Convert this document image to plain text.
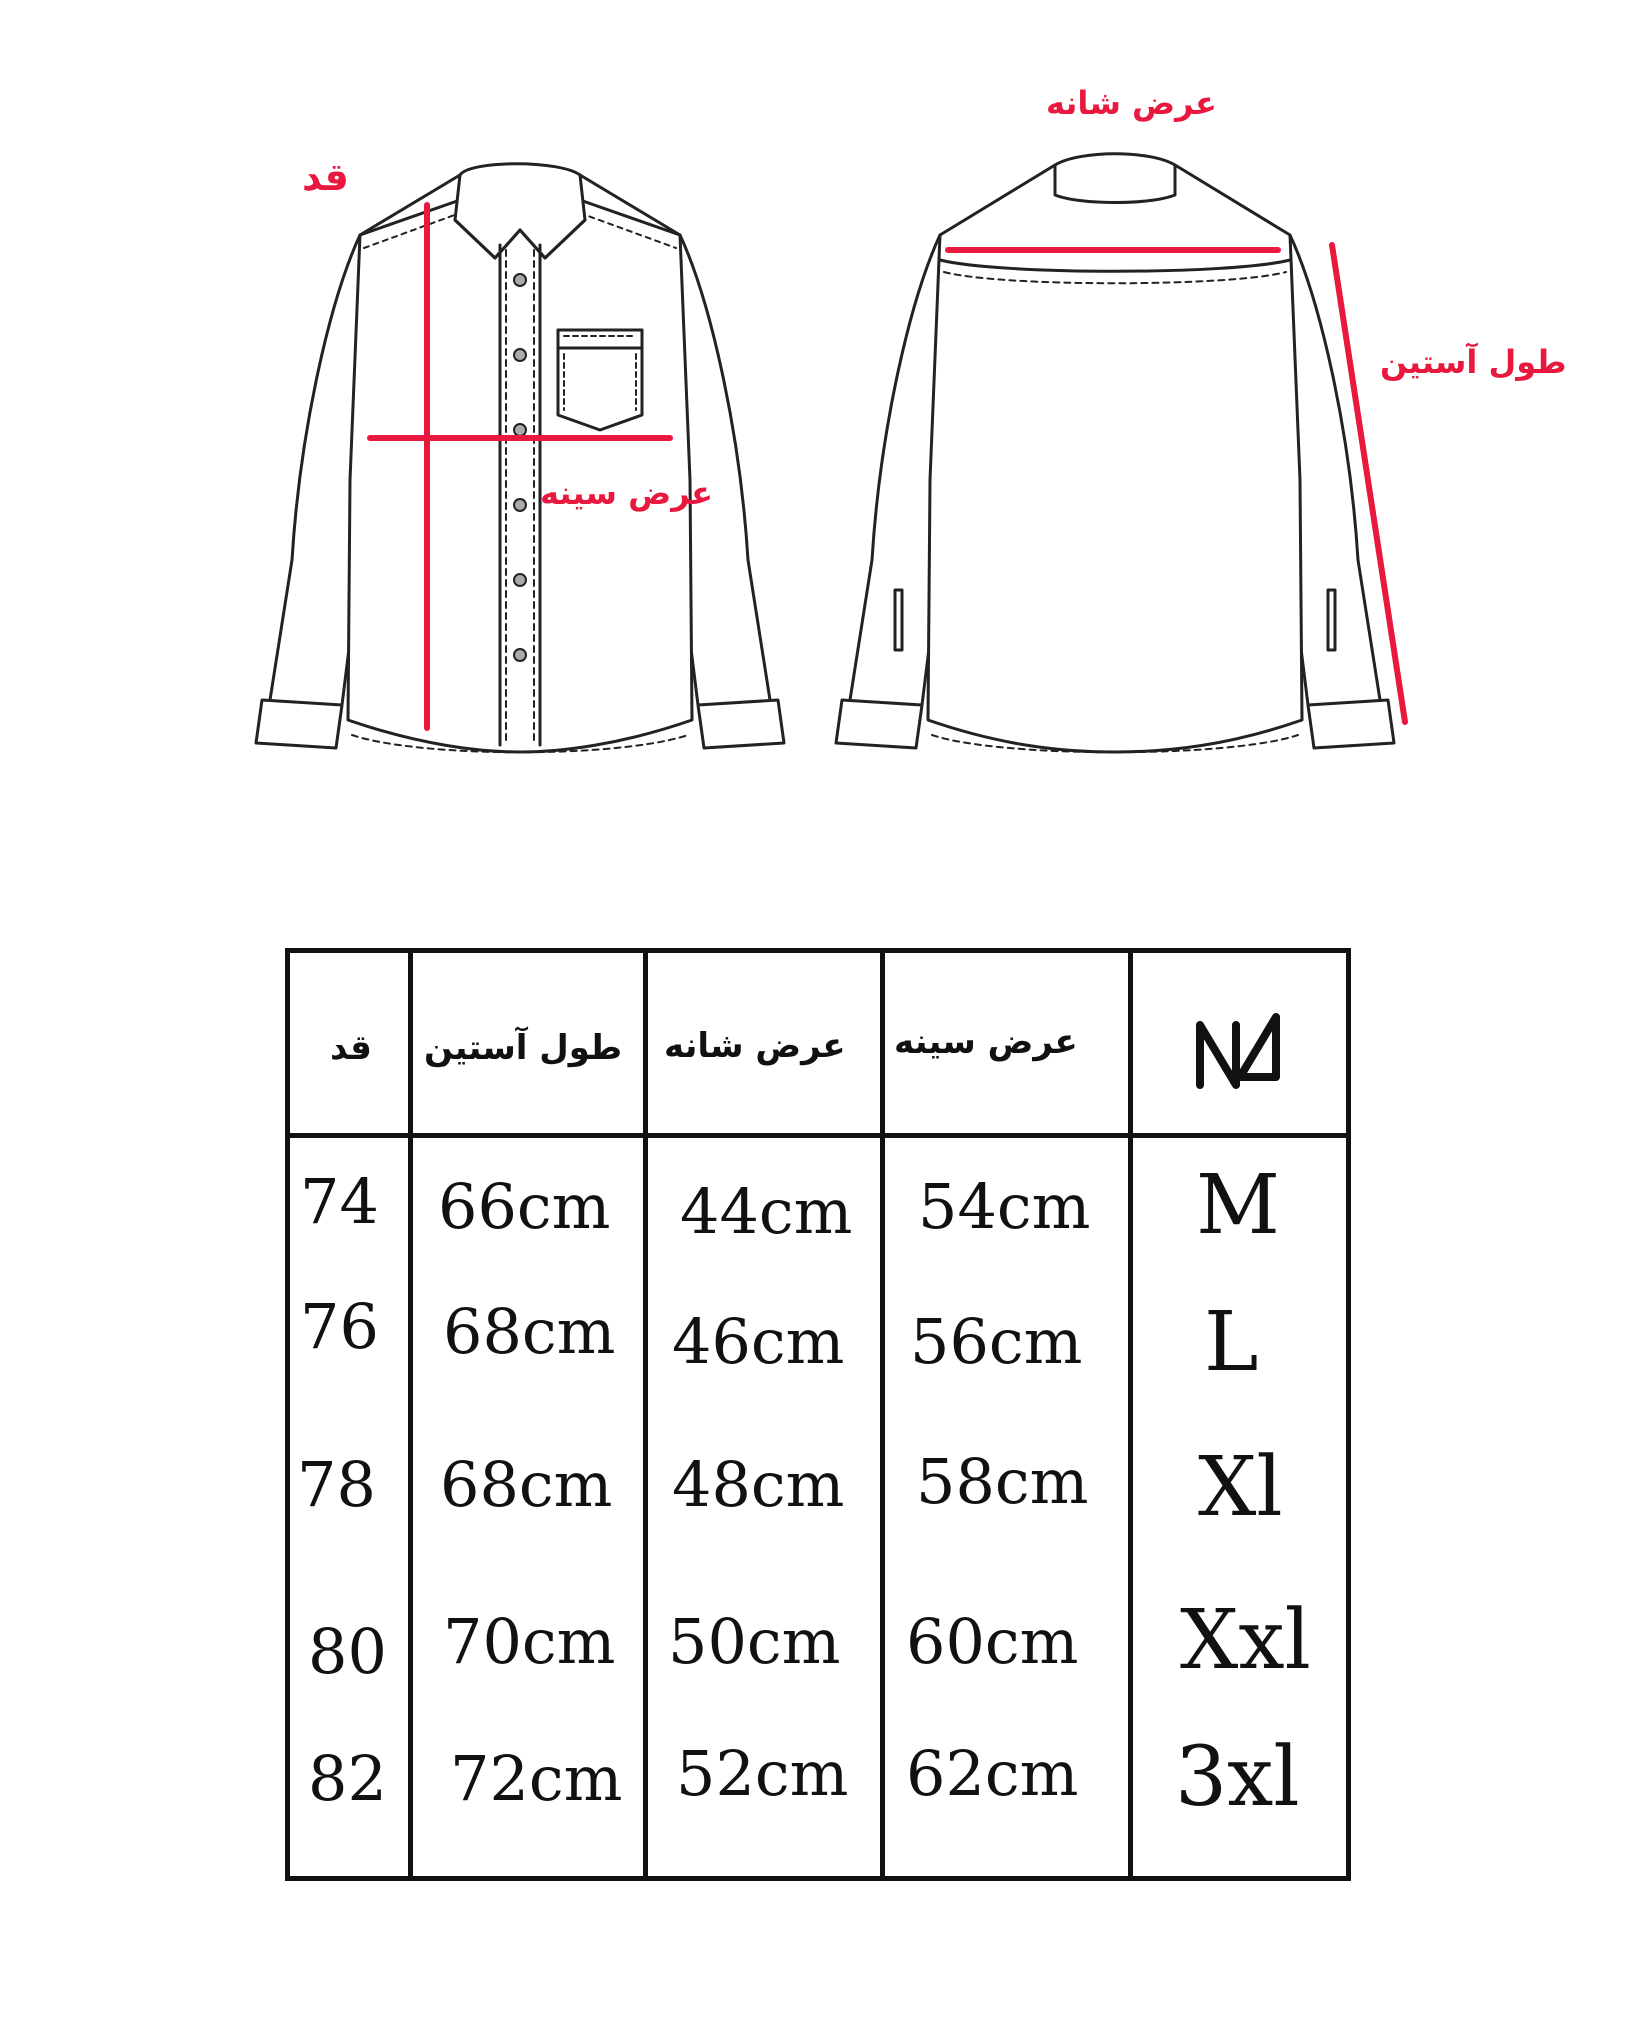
قد
عرض سینه
عرض شانه
طول آستین
قد طول آستین عرض شانه عرض سینه
74 66cm 44cm 54cm M
76 68cm 46cm 56cm L
78 68cm 48cm 58cm Xl
80 70cm 50cm 60cm Xxl
82 72cm 52cm 62cm 3xl
